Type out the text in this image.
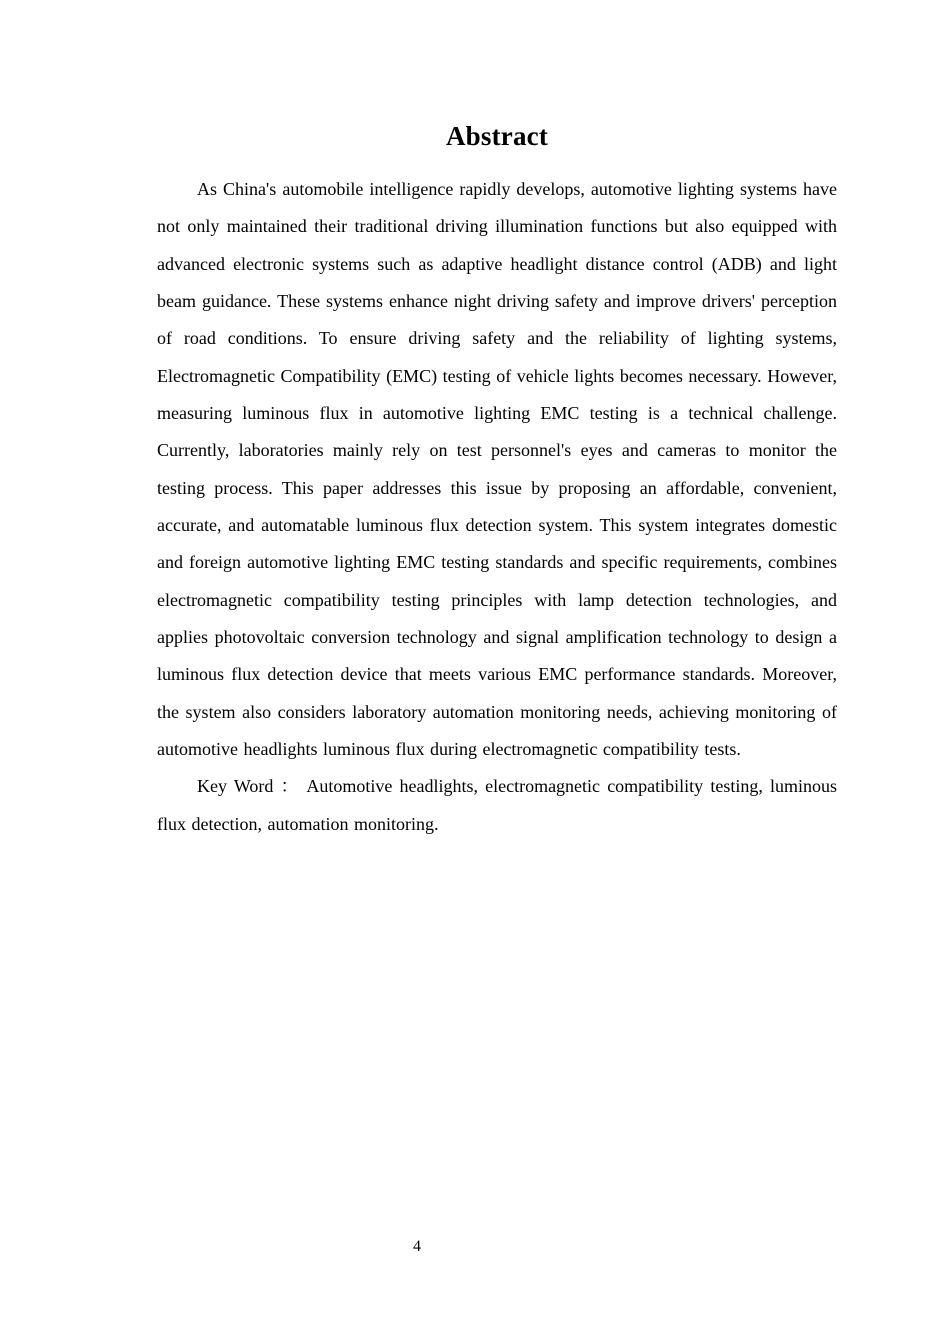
Abstract

As China's automobile intelligence rapidly develops, automotive lighting systems have not only maintained their traditional driving illumination functions but also equipped with advanced electronic systems such as adaptive headlight distance control (ADB) and light beam guidance. These systems enhance night driving safety and improve drivers' perception of road conditions. To ensure driving safety and the reliability of lighting systems, Electromagnetic Compatibility (EMC) testing of vehicle lights becomes necessary. However, measuring luminous flux in automotive lighting EMC testing is a technical challenge. Currently, laboratories mainly rely on test personnel's eyes and cameras to monitor the testing process. This paper addresses this issue by proposing an affordable, convenient, accurate, and automatable luminous flux detection system. This system integrates domestic and foreign automotive lighting EMC testing standards and specific requirements, combines electromagnetic compatibility testing principles with lamp detection technologies, and applies photovoltaic conversion technology and signal amplification technology to design a luminous flux detection device that meets various EMC performance standards. Moreover, the system also considers laboratory automation monitoring needs, achieving monitoring of automotive headlights luminous flux during electromagnetic compatibility tests.

Key Word ： Automotive headlights, electromagnetic compatibility testing, luminous flux detection, automation monitoring.

4
